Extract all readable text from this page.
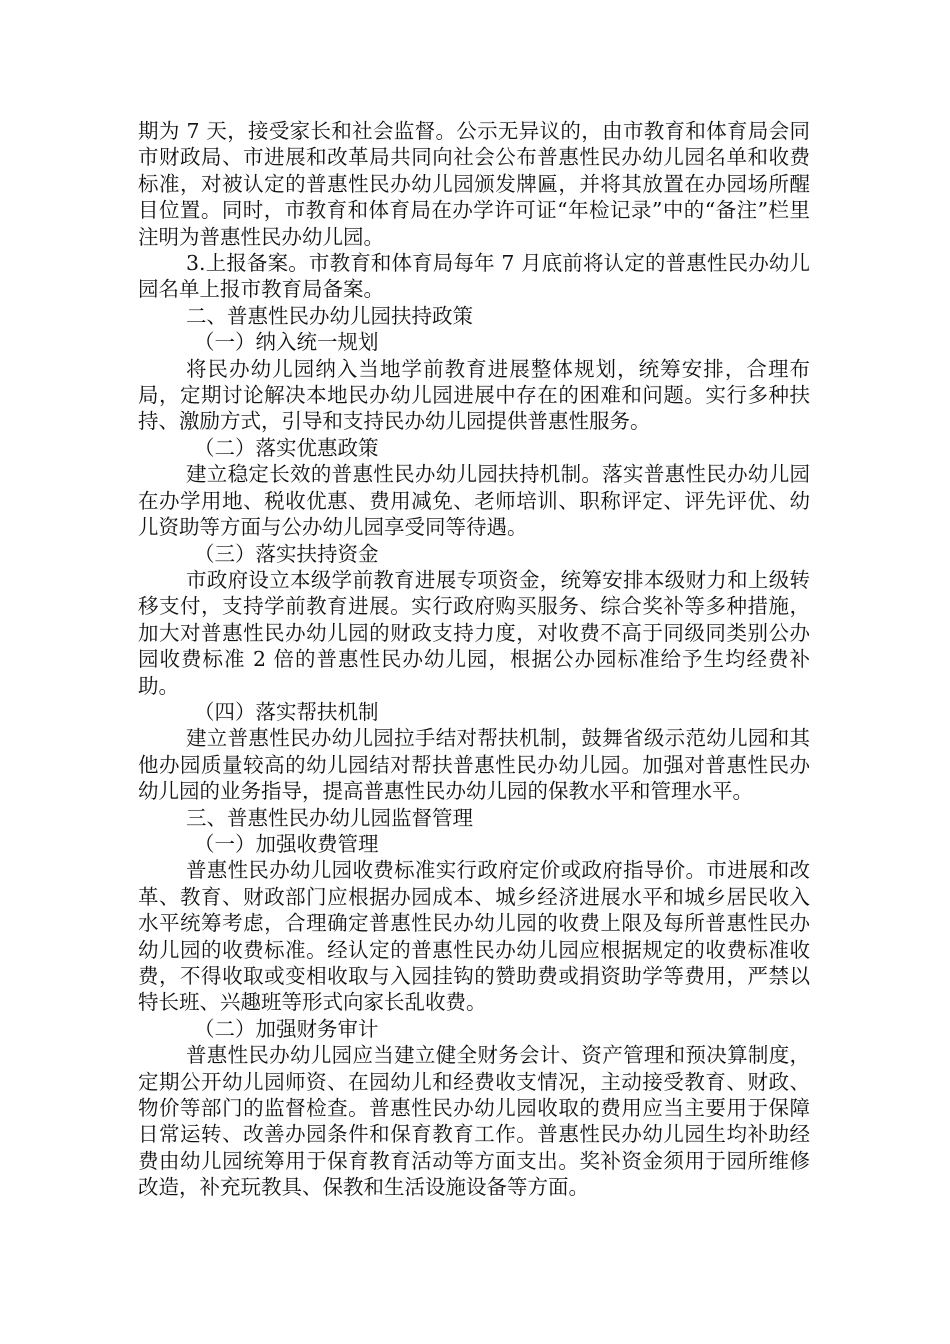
期为 7 天，接受家长和社会监督。公示无异议的，由市教育和体育局会同市财政局、市进展和改革局共同向社会公布普惠性民办幼儿园名单和收费标准，对被认定的普惠性民办幼儿园颁发牌匾，并将其放置在办园场所醒目位置。同时，市教育和体育局在办学许可证“年检记录”中的“备注”栏里注明为普惠性民办幼儿园。

3.上报备案。市教育和体育局每年 7 月底前将认定的普惠性民办幼儿园名单上报市教育局备案。

二、普惠性民办幼儿园扶持政策

（一）纳入统一规划

将民办幼儿园纳入当地学前教育进展整体规划，统筹安排，合理布局，定期讨论解决本地民办幼儿园进展中存在的困难和问题。实行多种扶持、激励方式，引导和支持民办幼儿园提供普惠性服务。

（二）落实优惠政策

建立稳定长效的普惠性民办幼儿园扶持机制。落实普惠性民办幼儿园在办学用地、税收优惠、费用减免、老师培训、职称评定、评先评优、幼儿资助等方面与公办幼儿园享受同等待遇。

（三）落实扶持资金

市政府设立本级学前教育进展专项资金，统筹安排本级财力和上级转移支付，支持学前教育进展。实行政府购买服务、综合奖补等多种措施，加大对普惠性民办幼儿园的财政支持力度，对收费不高于同级同类别公办园收费标准 2 倍的普惠性民办幼儿园，根据公办园标准给予生均经费补助。

（四）落实帮扶机制

建立普惠性民办幼儿园拉手结对帮扶机制，鼓舞省级示范幼儿园和其他办园质量较高的幼儿园结对帮扶普惠性民办幼儿园。加强对普惠性民办幼儿园的业务指导，提高普惠性民办幼儿园的保教水平和管理水平。

三、普惠性民办幼儿园监督管理

（一）加强收费管理

普惠性民办幼儿园收费标准实行政府定价或政府指导价。市进展和改革、教育、财政部门应根据办园成本、城乡经济进展水平和城乡居民收入水平统筹考虑，合理确定普惠性民办幼儿园的收费上限及每所普惠性民办幼儿园的收费标准。经认定的普惠性民办幼儿园应根据规定的收费标准收费，不得收取或变相收取与入园挂钩的赞助费或捐资助学等费用，严禁以特长班、兴趣班等形式向家长乱收费。

（二）加强财务审计

普惠性民办幼儿园应当建立健全财务会计、资产管理和预决算制度，定期公开幼儿园师资、在园幼儿和经费收支情况，主动接受教育、财政、物价等部门的监督检查。普惠性民办幼儿园收取的费用应当主要用于保障日常运转、改善办园条件和保育教育工作。普惠性民办幼儿园生均补助经费由幼儿园统筹用于保育教育活动等方面支出。奖补资金须用于园所维修改造，补充玩教具、保教和生活设施设备等方面。
